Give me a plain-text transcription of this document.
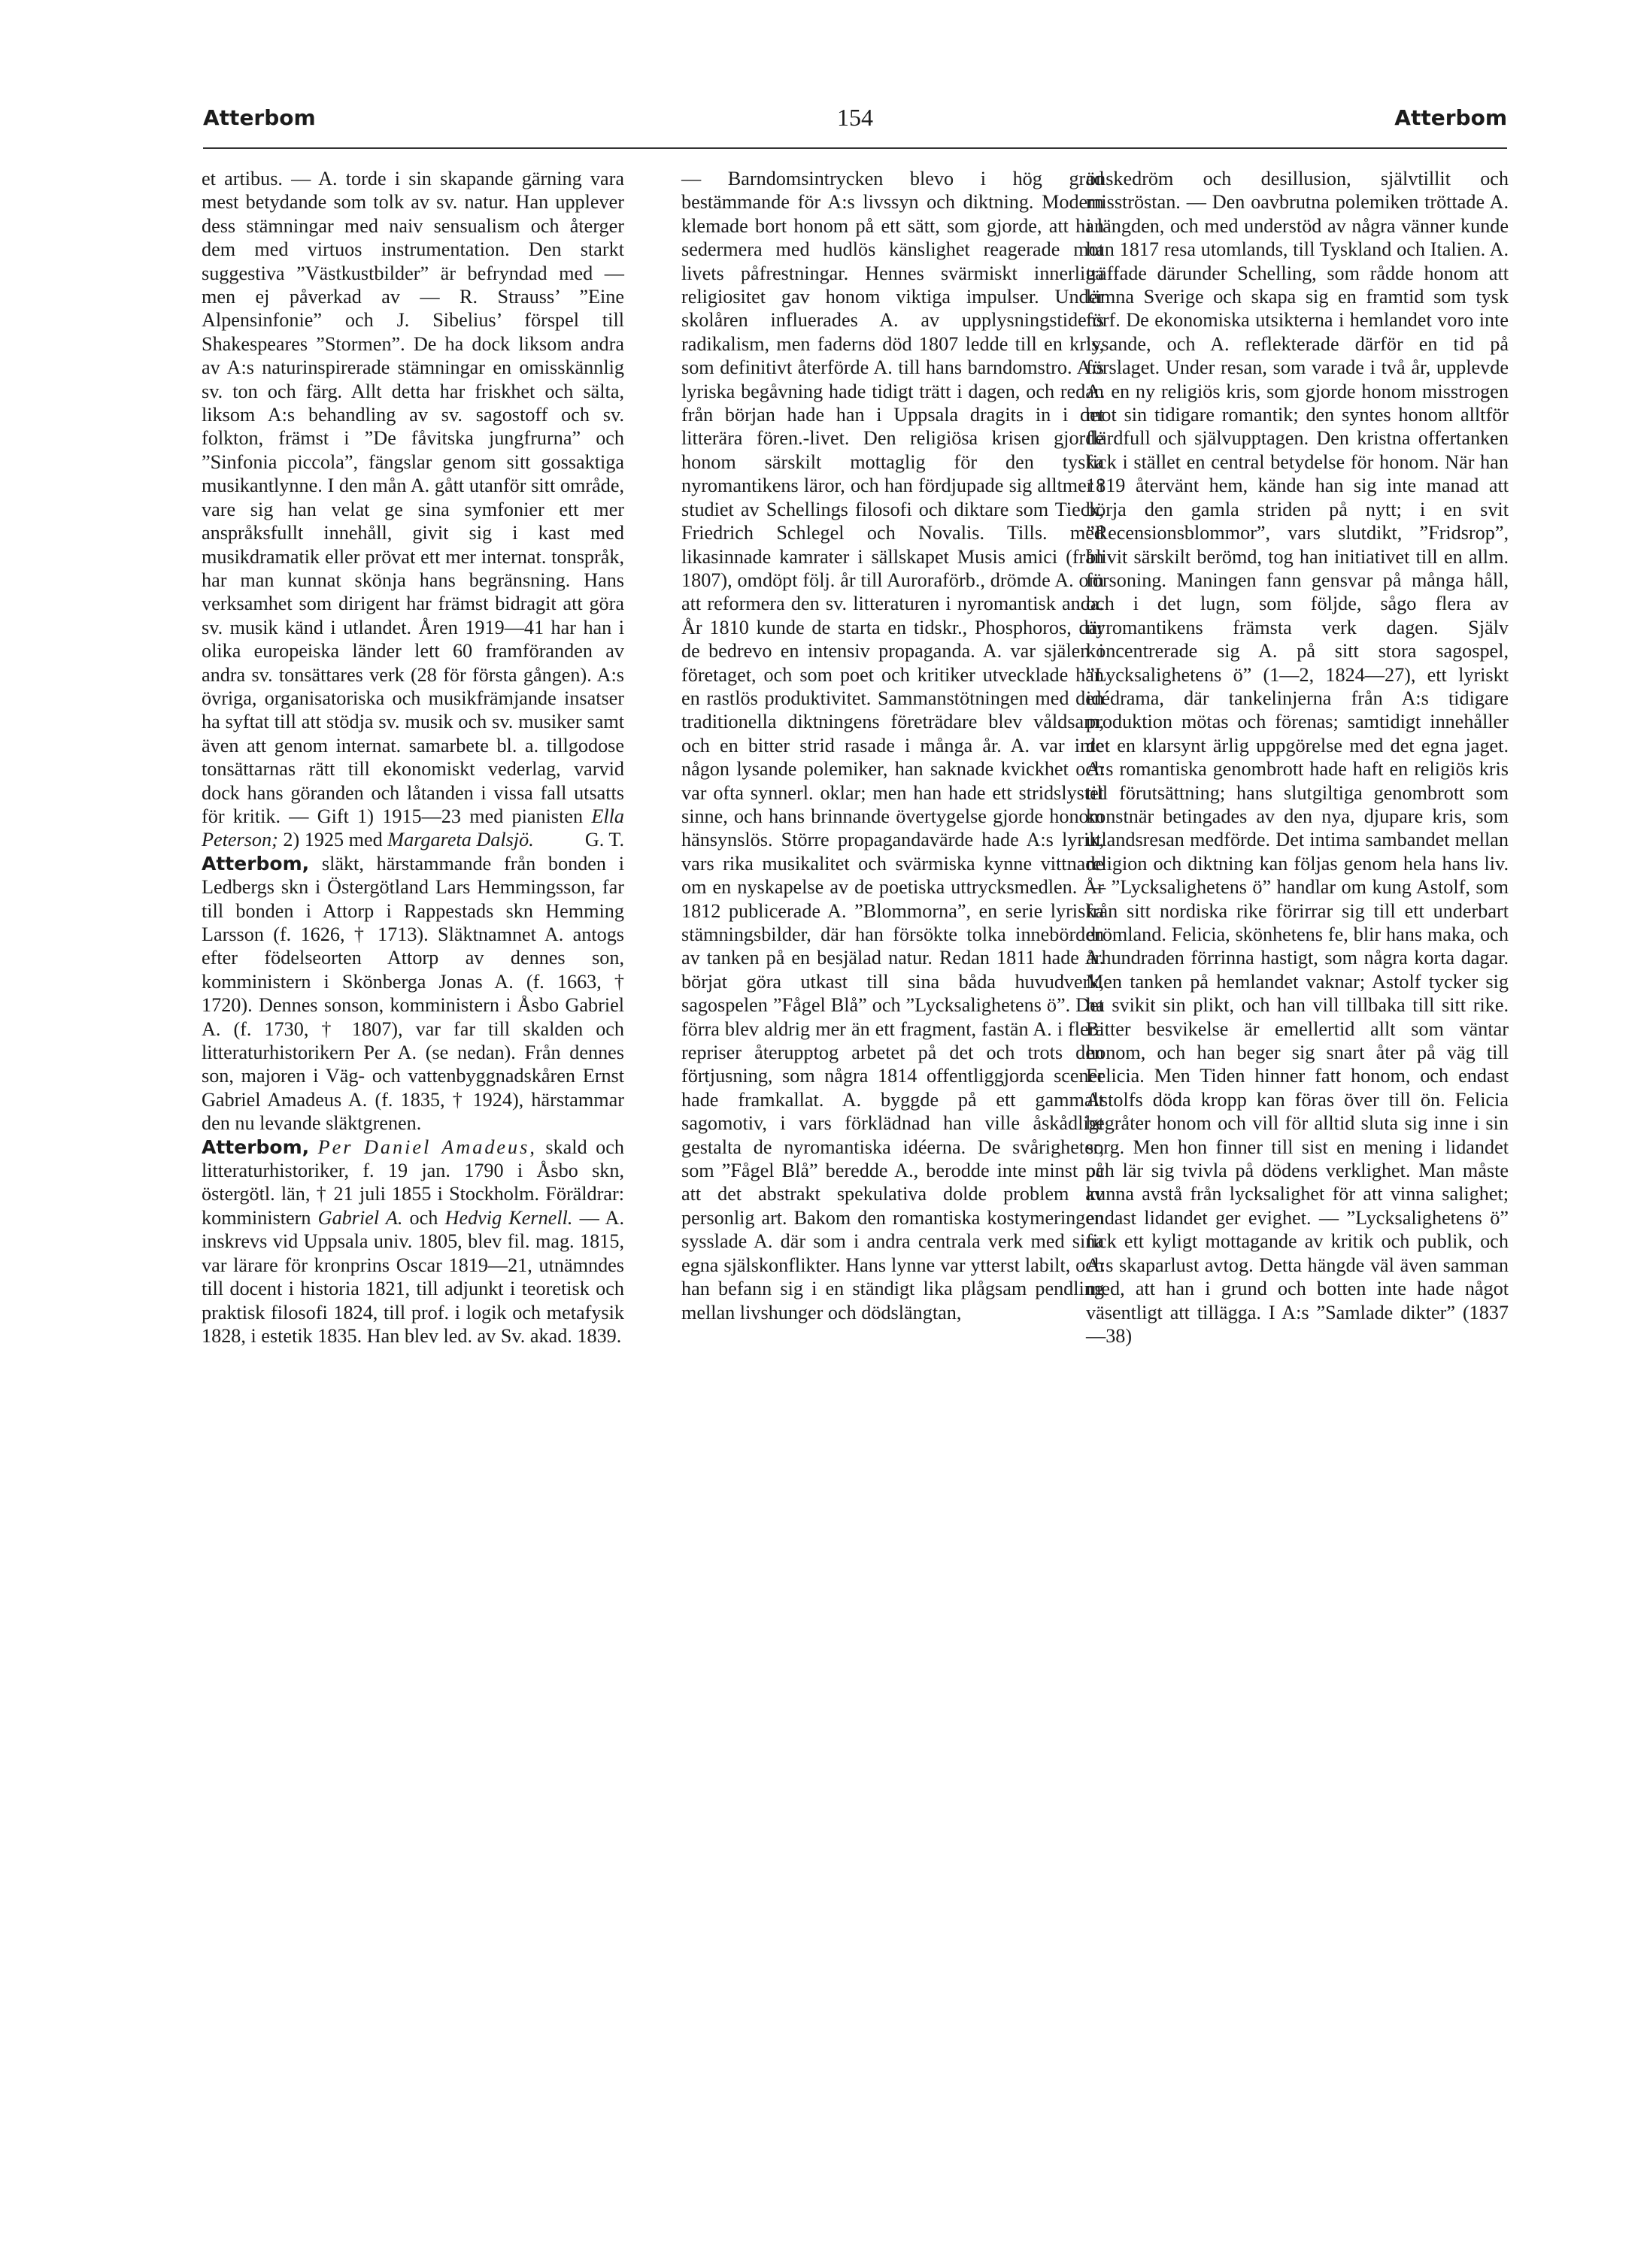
Atterbom	154	Atterbom

et artibus. — A. torde i sin skapande gärning vara mest betydande som tolk av sv. natur. Han upplever dess stämningar med naiv sensualism och återger dem med virtuos instrumentation. Den starkt suggestiva ”Västkustbilder” är befryndad med — men ej påverkad av — R. Strauss’ ”Eine Alpensinfonie” och J. Sibelius’ förspel till Shakespeares ”Stormen”. De ha dock liksom andra av A:s naturinspirerade stämningar en omisskännlig sv. ton och färg. Allt detta har friskhet och sälta, liksom A:s behandling av sv. sagostoff och sv. folkton, främst i ”De fåvitska jungfrurna” och ”Sinfonia piccola”, fängslar genom sitt gossaktiga musikantlynne. I den mån A. gått utanför sitt område, vare sig han velat ge sina symfonier ett mer anspråksfullt innehåll, givit sig i kast med musikdramatik eller prövat ett mer internat. tonspråk, har man kunnat skönja hans begränsning. Hans verksamhet som dirigent har främst bidragit att göra sv. musik känd i utlandet. Åren 1919—41 har han i olika europeiska länder lett 60 framföranden av andra sv. tonsättares verk (28 för första gången). A:s övriga, organisatoriska och musikfrämjande insatser ha syftat till att stödja sv. musik och sv. musiker samt även att genom internat. samarbete bl. a. tillgodose tonsättarnas rätt till ekonomiskt vederlag, varvid dock hans göranden och låtanden i vissa fall utsatts för kritik. — Gift 1) 1915—23 med pianisten Ella Peterson; 2) 1925 med Margareta Dalsjö.	G. T.

Atterbom, släkt, härstammande från bonden i Ledbergs skn i Östergötland Lars Hemmingsson, far till bonden i Attorp i Rappestads skn Hemming Larsson (f. 1626, † 1713). Släktnamnet A. antogs efter födelseorten Attorp av dennes son, komministern i Skönberga Jonas A. (f. 1663, † 1720). Dennes sonson, komministern i Åsbo Gabriel A. (f. 1730, † 1807), var far till skalden och litteraturhistorikern Per A. (se nedan). Från dennes son, majoren i Väg- och vattenbyggnadskåren Ernst Gabriel Amadeus A. (f. 1835, † 1924), härstammar den nu levande släktgrenen.

Atterbom, Per Daniel Amadeus, skald och litteraturhistoriker, f. 19 jan. 1790 i Åsbo skn, östergötl. län, † 21 juli 1855 i Stockholm. Föräldrar: komministern Gabriel A. och Hedvig Kernell. — A. inskrevs vid Uppsala univ. 1805, blev fil. mag. 1815, var lärare för kronprins Oscar 1819—21, utnämndes till docent i historia 1821, till adjunkt i teoretisk och praktisk filosofi 1824, till prof. i logik och metafysik 1828, i estetik 1835. Han blev led. av Sv. akad. 1839.

— Barndomsintrycken blevo i hög grad bestämmande för A:s livssyn och diktning. Modern klemade bort honom på ett sätt, som gjorde, att han sedermera med hudlös känslighet reagerade mot livets påfrestningar. Hennes svärmiskt innerliga religiositet gav honom viktiga impulser. Under skolåren influerades A. av upplysningstidens radikalism, men faderns död 1807 ledde till en kris, som definitivt återförde A. till hans barndomstro. A:s lyriska begåvning hade tidigt trätt i dagen, och redan från början hade han i Uppsala dragits in i det litterära fören.-livet. Den religiösa krisen gjorde honom särskilt mottaglig för den tyska nyromantikens läror, och han fördjupade sig alltmer i studiet av Schellings filosofi och diktare som Tieck, Friedrich Schlegel och Novalis. Tills. med likasinnade kamrater i sällskapet Musis amici (från 1807), omdöpt följ. år till Auroraförb., drömde A. om att reformera den sv. litteraturen i nyromantisk anda. År 1810 kunde de starta en tidskr., Phosphoros, där de bedrevo en intensiv propaganda. A. var själen i företaget, och som poet och kritiker utvecklade han en rastlös produktivitet. Sammanstötningen med den traditionella diktningens företrädare blev våldsam, och en bitter strid rasade i många år. A. var inte någon lysande polemiker, han saknade kvickhet och var ofta synnerl. oklar; men han hade ett stridslystet sinne, och hans brinnande övertygelse gjorde honom hänsynslös. Större propagandavärde hade A:s lyrik, vars rika musikalitet och svärmiska kynne vittnade om en nyskapelse av de poetiska uttrycksmedlen. År 1812 publicerade A. ”Blommorna”, en serie lyriska stämningsbilder, där han försökte tolka innebörden av tanken på en besjälad natur. Redan 1811 hade A. börjat göra utkast till sina båda huvudverk, sagospelen ”Fågel Blå” och ”Lycksalighetens ö”. Det förra blev aldrig mer än ett fragment, fastän A. i flera repriser återupptog arbetet på det och trots den förtjusning, som några 1814 offentliggjorda scener hade framkallat. A. byggde på ett gammalt sagomotiv, i vars förklädnad han ville åskådligt gestalta de nyromantiska idéerna. De svårigheter, som ”Fågel Blå” beredde A., berodde inte minst på att det abstrakt spekulativa dolde problem av personlig art. Bakom den romantiska kostymeringen sysslade A. där som i andra centrala verk med sina egna själskonflikter. Hans lynne var ytterst labilt, och han befann sig i en ständigt lika plågsam pendling mellan livshunger och dödslängtan,

önskedröm och desillusion, självtillit och misströstan. — Den oavbrutna polemiken tröttade A. i längden, och med understöd av några vänner kunde han 1817 resa utomlands, till Tyskland och Italien. A. träffade därunder Schelling, som rådde honom att lämna Sverige och skapa sig en framtid som tysk förf. De ekonomiska utsikterna i hemlandet voro inte lysande, och A. reflekterade därför en tid på förslaget. Under resan, som varade i två år, upplevde A. en ny religiös kris, som gjorde honom misstrogen mot sin tidigare romantik; den syntes honom alltför flärdfull och självupptagen. Den kristna offertanken fick i stället en central betydelse för honom. När han 1819 återvänt hem, kände han sig inte manad att börja den gamla striden på nytt; i en svit ”Recensionsblommor”, vars slutdikt, ”Fridsrop”, blivit särskilt berömd, tog han initiativet till en allm. försoning. Maningen fann gensvar på många håll, och i det lugn, som följde, sågo flera av nyromantikens främsta verk dagen. Själv koncentrerade sig A. på sitt stora sagospel, ”Lycksalighetens ö” (1—2, 1824—27), ett lyriskt idédrama, där tankelinjerna från A:s tidigare produktion mötas och förenas; samtidigt innehåller det en klarsynt ärlig uppgörelse med det egna jaget. A:s romantiska genombrott hade haft en religiös kris till förutsättning; hans slutgiltiga genombrott som konstnär betingades av den nya, djupare kris, som utlandsresan medförde. Det intima sambandet mellan religion och diktning kan följas genom hela hans liv. — ”Lycksalighetens ö” handlar om kung Astolf, som från sitt nordiska rike förirrar sig till ett underbart drömland. Felicia, skönhetens fe, blir hans maka, och århundraden förrinna hastigt, som några korta dagar. Men tanken på hemlandet vaknar; Astolf tycker sig ha svikit sin plikt, och han vill tillbaka till sitt rike. Bitter besvikelse är emellertid allt som väntar honom, och han beger sig snart åter på väg till Felicia. Men Tiden hinner fatt honom, och endast Astolfs döda kropp kan föras över till ön. Felicia begråter honom och vill för alltid sluta sig inne i sin sorg. Men hon finner till sist en mening i lidandet och lär sig tvivla på dödens verklighet. Man måste kunna avstå från lycksalighet för att vinna salighet; endast lidandet ger evighet. — ”Lycksalighetens ö” fick ett kyligt mottagande av kritik och publik, och A:s skaparlust avtog. Detta hängde väl även samman med, att han i grund och botten inte hade något väsentligt att tillägga. I A:s ”Samlade dikter” (1837—38)
